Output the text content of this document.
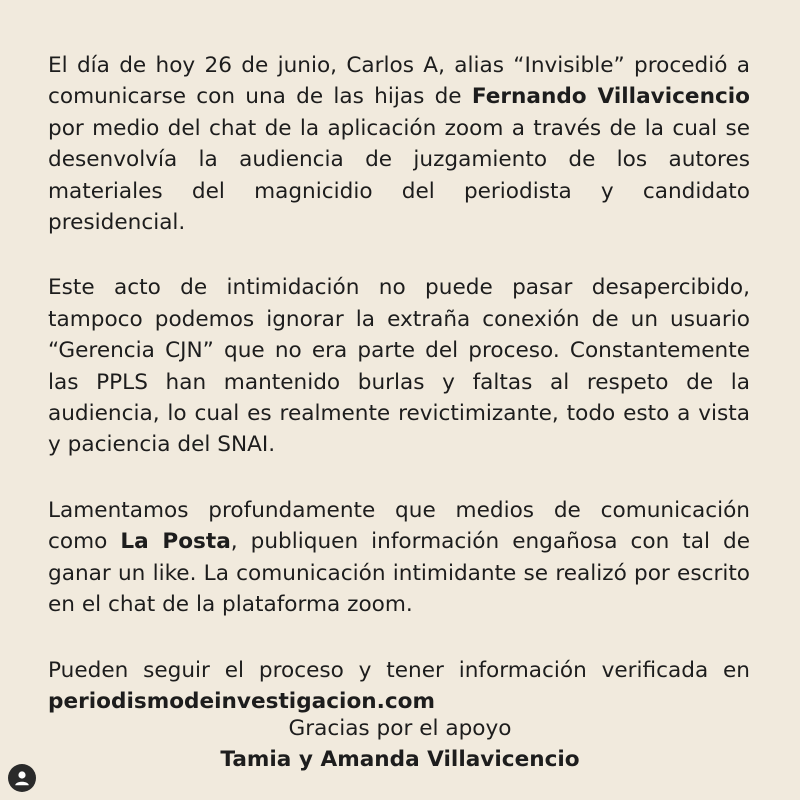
El día de hoy 26 de junio, Carlos A, alias “Invisible” procedió a comunicarse con una de las hijas de Fernando Villavicencio por medio del chat de la aplicación zoom a través de la cual se desenvolvía la audiencia de juzgamiento de los autores materiales del magnicidio del periodista y candidato presidencial.

Este acto de intimidación no puede pasar desapercibido, tampoco podemos ignorar la extraña conexión de un usuario “Gerencia CJN” que no era parte del proceso. Constantemente las PPLS han mantenido burlas y faltas al respeto de la audiencia, lo cual es realmente revictimizante, todo esto a vista y paciencia del SNAI.

Lamentamos profundamente que medios de comunicación como La Posta, publiquen información engañosa con tal de ganar un like. La comunicación intimidante se realizó por escrito en el chat de la plataforma zoom.

Pueden seguir el proceso y tener información verificada en periodismodeinvestigacion.com

Gracias por el apoyo
Tamia y Amanda Villavicencio
